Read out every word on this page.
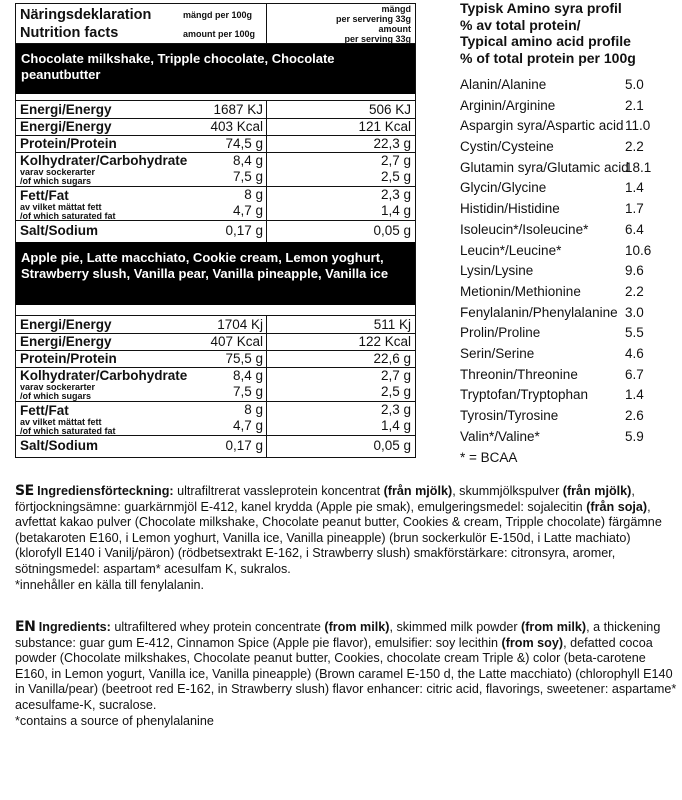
Näringsdeklaration
Nutrition facts
mängd per 100g
amount per 100g
mängd
per servering 33g
amount
per serving 33g
Chocolate milkshake, Tripple chocolate, Chocolate peanutbutter
Energi/Energy	1687 KJ	506 KJ
Energi/Energy	403 Kcal	121 Kcal
Protein/Protein	74,5 g	22,3 g
Kolhydrater/Carbohydrate	8,4 g	2,7 g
varav sockerarter
/of which sugars	7,5 g	2,5 g
Fett/Fat	8 g	2,3 g
av vilket mättat fett
/of which saturated fat	4,7 g	1,4 g
Salt/Sodium	0,17 g	0,05 g
Apple pie, Latte macchiato, Cookie cream, Lemon yoghurt, Strawberry slush, Vanilla pear, Vanilla pineapple, Vanilla ice
Energi/Energy	1704 Kj	511 Kj
Energi/Energy	407 Kcal	122 Kcal
Protein/Protein	75,5 g	22,6 g
Kolhydrater/Carbohydrate	8,4 g	2,7 g
varav sockerarter
/of which sugars	7,5 g	2,5 g
Fett/Fat	8 g	2,3 g
av vilket mättat fett
/of which saturated fat	4,7 g	1,4 g
Salt/Sodium	0,17 g	0,05 g
Typisk Amino syra profil
% av total protein/
Typical amino acid profile
% of total protein per 100g
Alanin/Alanine	5.0
Arginin/Arginine	2.1
Aspargin syra/Aspartic acid 11.0
Cystin/Cysteine	2.2
Glutamin syra/Glutamic acid
18.1
Glycin/Glycine	1.4
Histidin/Histidine	1.7
Isoleucin*/Isoleucine*	6.4
Leucin*/Leucine*	10.6
Lysin/Lysine	9.6
Metionin/Methionine	2.2
Fenylalanin/Phenylalanine 3.0
Prolin/Proline	5.5
Serin/Serine	4.6
Threonin/Threonine	6.7
Tryptofan/Tryptophan	1.4
Tyrosin/Tyrosine	2.6
Valin*/Valine*	5.9
* = BCAA

SE Ingrediensförteckning: ultrafiltrerat vassleprotein koncentrat (från mjölk), skummjölkspulver (från mjölk), förtjockningsämne: guarkärnmjöl E-412, kanel krydda (Apple pie smak), emulgeringsmedel: sojalecitin (från soja), avfettat kakao pulver (Chocolate milkshake, Chocolate peanut butter, Cookies & cream, Tripple chocolate) färgämne (betakaroten E160, i Lemon yoghurt, Vanilla ice, Vanilla pineapple) (brun sockerkulör E-150d, i Latte machiato) (klorofyll E140 i Vanilj/päron) (rödbetsextrakt E-162, i Strawberry slush) smakförstärkare: citronsyra, aromer, sötningsmedel: aspartam* acesulfam K, sukralos.

*innehåller en källa till fenylalanin.

EN Ingredients: ultrafiltered whey protein concentrate (from milk), skimmed milk powder (from milk), a thickening substance: guar gum E-412, Cinnamon Spice (Apple pie flavor), emulsifier: soy lecithin (from soy), defatted cocoa powder (Chocolate milkshakes, Chocolate peanut butter, Cookies, chocolate cream Triple &) color (beta-carotene E160, in Lemon yogurt, Vanilla ice, Vanilla pineapple) (Brown caramel E-150 d, the Latte macchiato) (chlorophyll E140 in Vanilla/pear) (beetroot red E-162, in Strawberry slush) flavor enhancer: citric acid, flavorings, sweetener: aspartame* acesulfame-K, sucralose.

*contains a source of phenylalanine
